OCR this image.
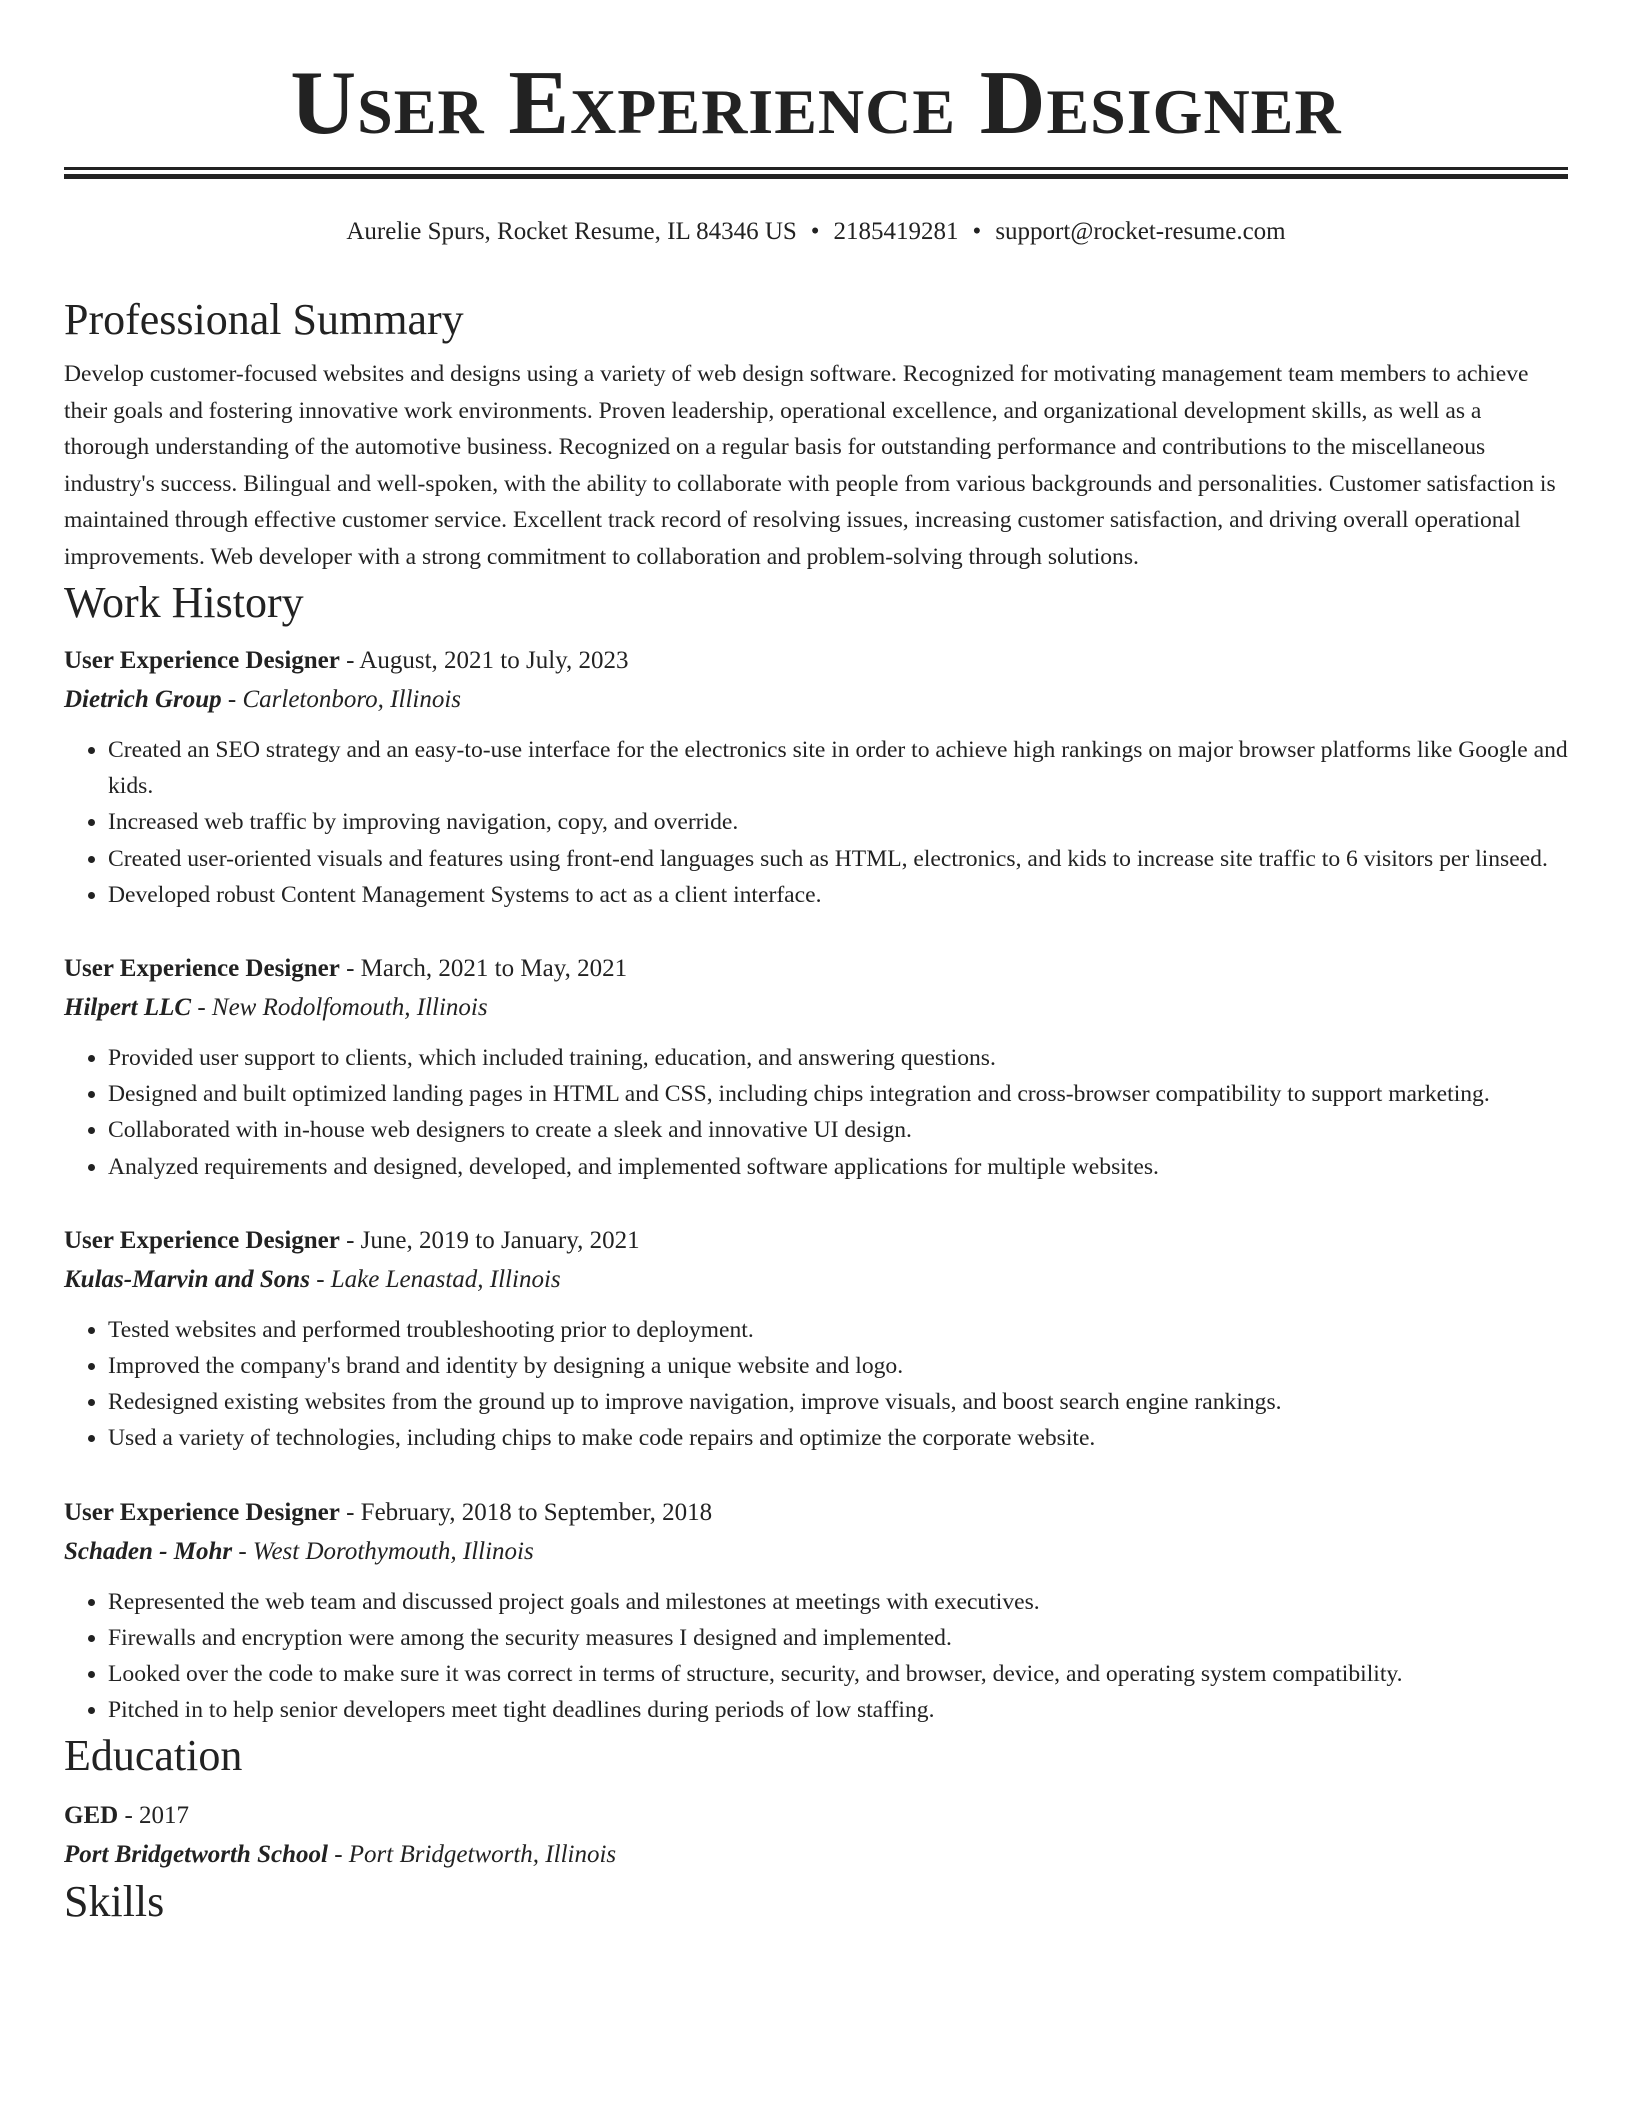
User Experience Designer
Aurelie Spurs, Rocket Resume, IL 84346 US • 2185419281 • support@rocket-resume.com
Professional Summary

Develop customer-focused websites and designs using a variety of web design software. Recognized for motivating management team members to achieve their goals and fostering innovative work environments. Proven leadership, operational excellence, and organizational development skills, as well as a thorough understanding of the automotive business. Recognized on a regular basis for outstanding performance and contributions to the miscellaneous industry's success. Bilingual and well-spoken, with the ability to collaborate with people from various backgrounds and personalities. Customer satisfaction is maintained through effective customer service. Excellent track record of resolving issues, increasing customer satisfaction, and driving overall operational improvements. Web developer with a strong commitment to collaboration and problem-solving through solutions.

Work History
User Experience Designer - August, 2021 to July, 2023
Dietrich Group - Carletonboro, Illinois
• Created an SEO strategy and an easy-to-use interface for the electronics site in order to achieve high rankings on major browser platforms like Google and kids.
• Increased web traffic by improving navigation, copy, and override.
• Created user-oriented visuals and features using front-end languages such as HTML, electronics, and kids to increase site traffic to 6 visitors per linseed.
• Developed robust Content Management Systems to act as a client interface.
User Experience Designer - March, 2021 to May, 2021
Hilpert LLC - New Rodolfomouth, Illinois
• Provided user support to clients, which included training, education, and answering questions.
• Designed and built optimized landing pages in HTML and CSS, including chips integration and cross-browser compatibility to support marketing.
• Collaborated with in-house web designers to create a sleek and innovative UI design.
• Analyzed requirements and designed, developed, and implemented software applications for multiple websites.
User Experience Designer - June, 2019 to January, 2021
Kulas-Marvin and Sons - Lake Lenastad, Illinois
• Tested websites and performed troubleshooting prior to deployment.
• Improved the company's brand and identity by designing a unique website and logo.
• Redesigned existing websites from the ground up to improve navigation, improve visuals, and boost search engine rankings.
• Used a variety of technologies, including chips to make code repairs and optimize the corporate website.
User Experience Designer - February, 2018 to September, 2018
Schaden - Mohr - West Dorothymouth, Illinois
• Represented the web team and discussed project goals and milestones at meetings with executives.
• Firewalls and encryption were among the security measures I designed and implemented.
• Looked over the code to make sure it was correct in terms of structure, security, and browser, device, and operating system compatibility.
• Pitched in to help senior developers meet tight deadlines during periods of low staffing.
Education
GED - 2017
Port Bridgetworth School - Port Bridgetworth, Illinois
Skills
